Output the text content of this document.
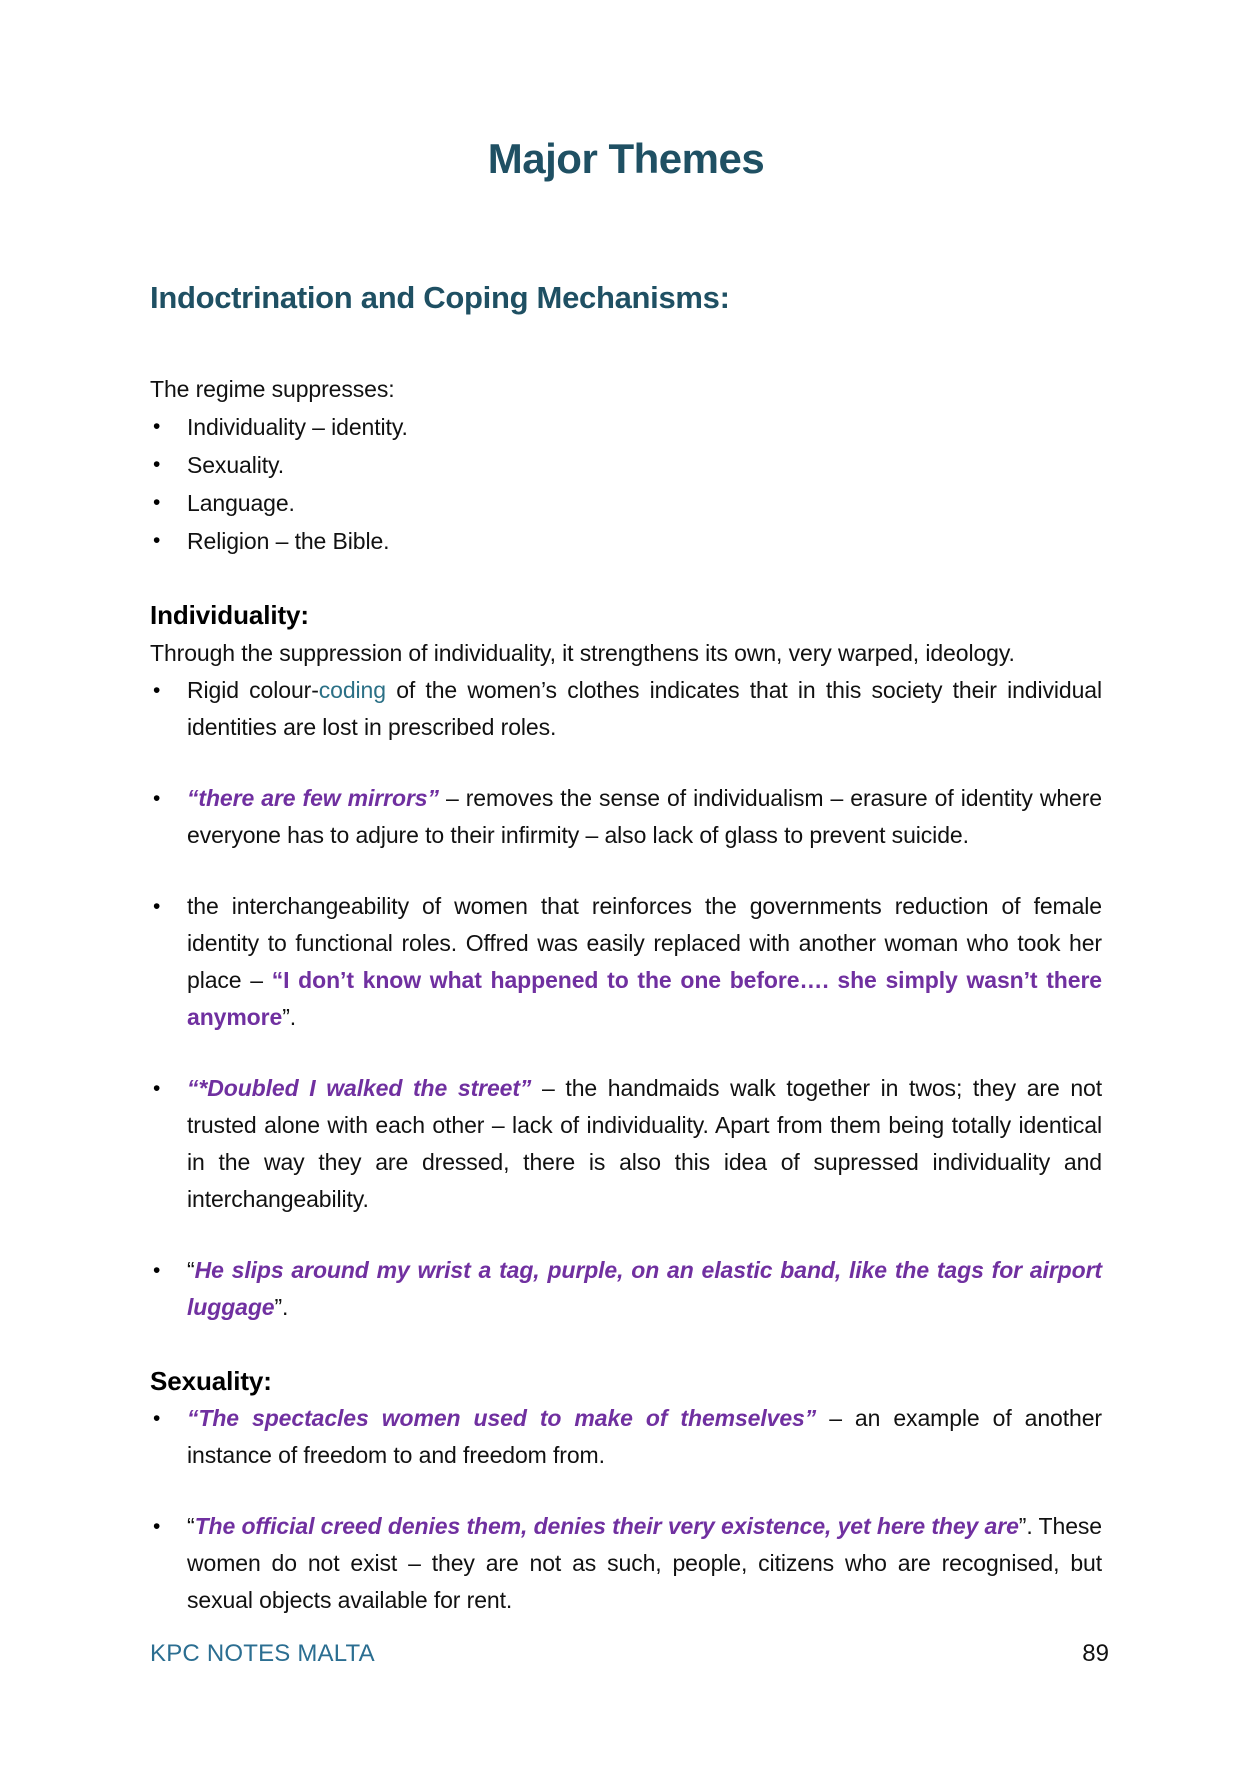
Major Themes
Indoctrination and Coping Mechanisms:
The regime suppresses:
• Individuality – identity.
• Sexuality.
• Language.
• Religion – the Bible.
Individuality:
Through the suppression of individuality, it strengthens its own, very warped, ideology.
• Rigid colour-coding of the women’s clothes indicates that in this society their individual identities are lost in prescribed roles.
• “there are few mirrors” – removes the sense of individualism – erasure of identity where everyone has to adjure to their infirmity – also lack of glass to prevent suicide.
• the interchangeability of women that reinforces the governments reduction of female identity to functional roles. Offred was easily replaced with another woman who took her place – “I don’t know what happened to the one before…. she simply wasn’t there anymore”.
• “*Doubled I walked the street” – the handmaids walk together in twos; they are not trusted alone with each other – lack of individuality. Apart from them being totally identical in the way they are dressed, there is also this idea of supressed individuality and interchangeability.
• “He slips around my wrist a tag, purple, on an elastic band, like the tags for airport luggage”.
Sexuality:
• “The spectacles women used to make of themselves” – an example of another instance of freedom to and freedom from.
• “The official creed denies them, denies their very existence, yet here they are”. These women do not exist – they are not as such, people, citizens who are recognised, but sexual objects available for rent.
KPC NOTES MALTA	89
